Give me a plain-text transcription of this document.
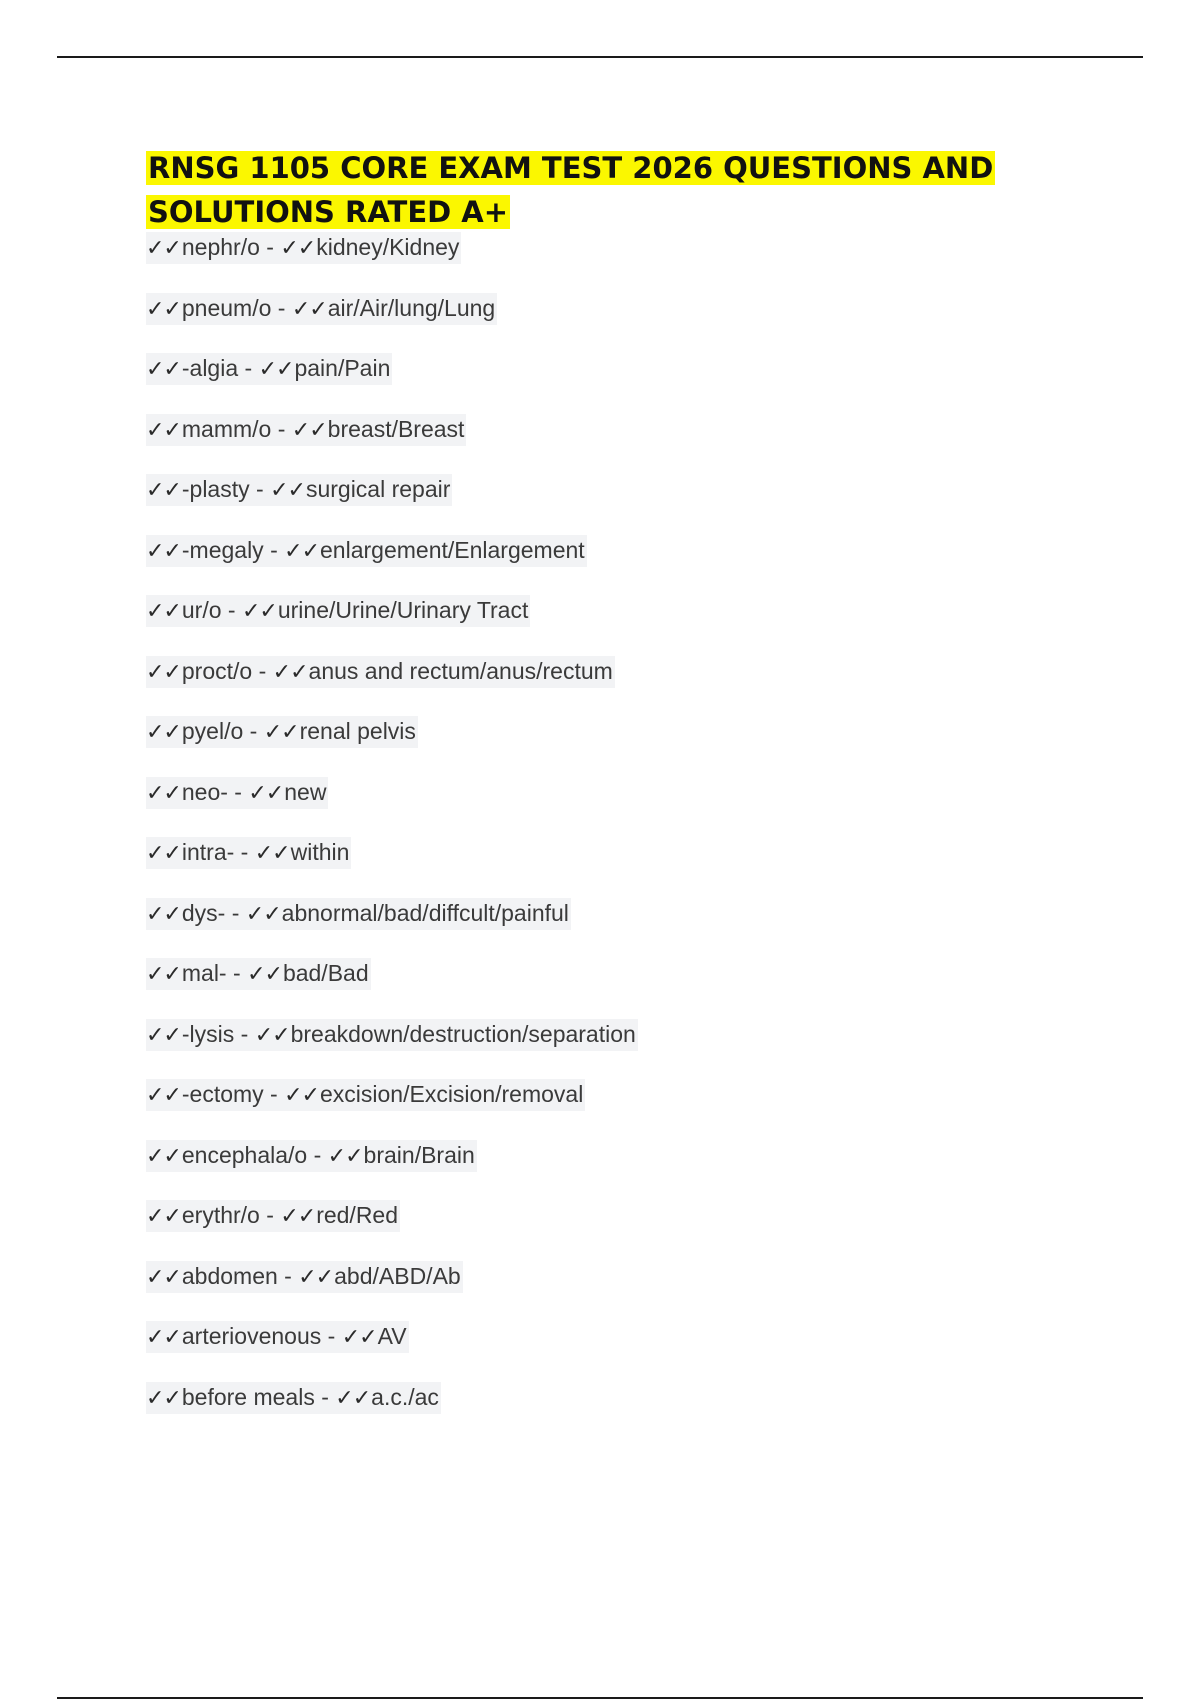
RNSG 1105 CORE EXAM TEST 2026 QUESTIONS AND
SOLUTIONS RATED A+
✓✓nephr/o - ✓✓kidney/Kidney
✓✓pneum/o - ✓✓air/Air/lung/Lung
✓✓-algia - ✓✓pain/Pain
✓✓mamm/o - ✓✓breast/Breast
✓✓-plasty - ✓✓surgical repair
✓✓-megaly - ✓✓enlargement/Enlargement
✓✓ur/o - ✓✓urine/Urine/Urinary Tract
✓✓proct/o - ✓✓anus and rectum/anus/rectum
✓✓pyel/o - ✓✓renal pelvis
✓✓neo- - ✓✓new
✓✓intra- - ✓✓within
✓✓dys- - ✓✓abnormal/bad/diffcult/painful
✓✓mal- - ✓✓bad/Bad
✓✓-lysis - ✓✓breakdown/destruction/separation
✓✓-ectomy - ✓✓excision/Excision/removal
✓✓encephala/o - ✓✓brain/Brain
✓✓erythr/o - ✓✓red/Red
✓✓abdomen - ✓✓abd/ABD/Ab
✓✓arteriovenous - ✓✓AV
✓✓before meals - ✓✓a.c./ac
